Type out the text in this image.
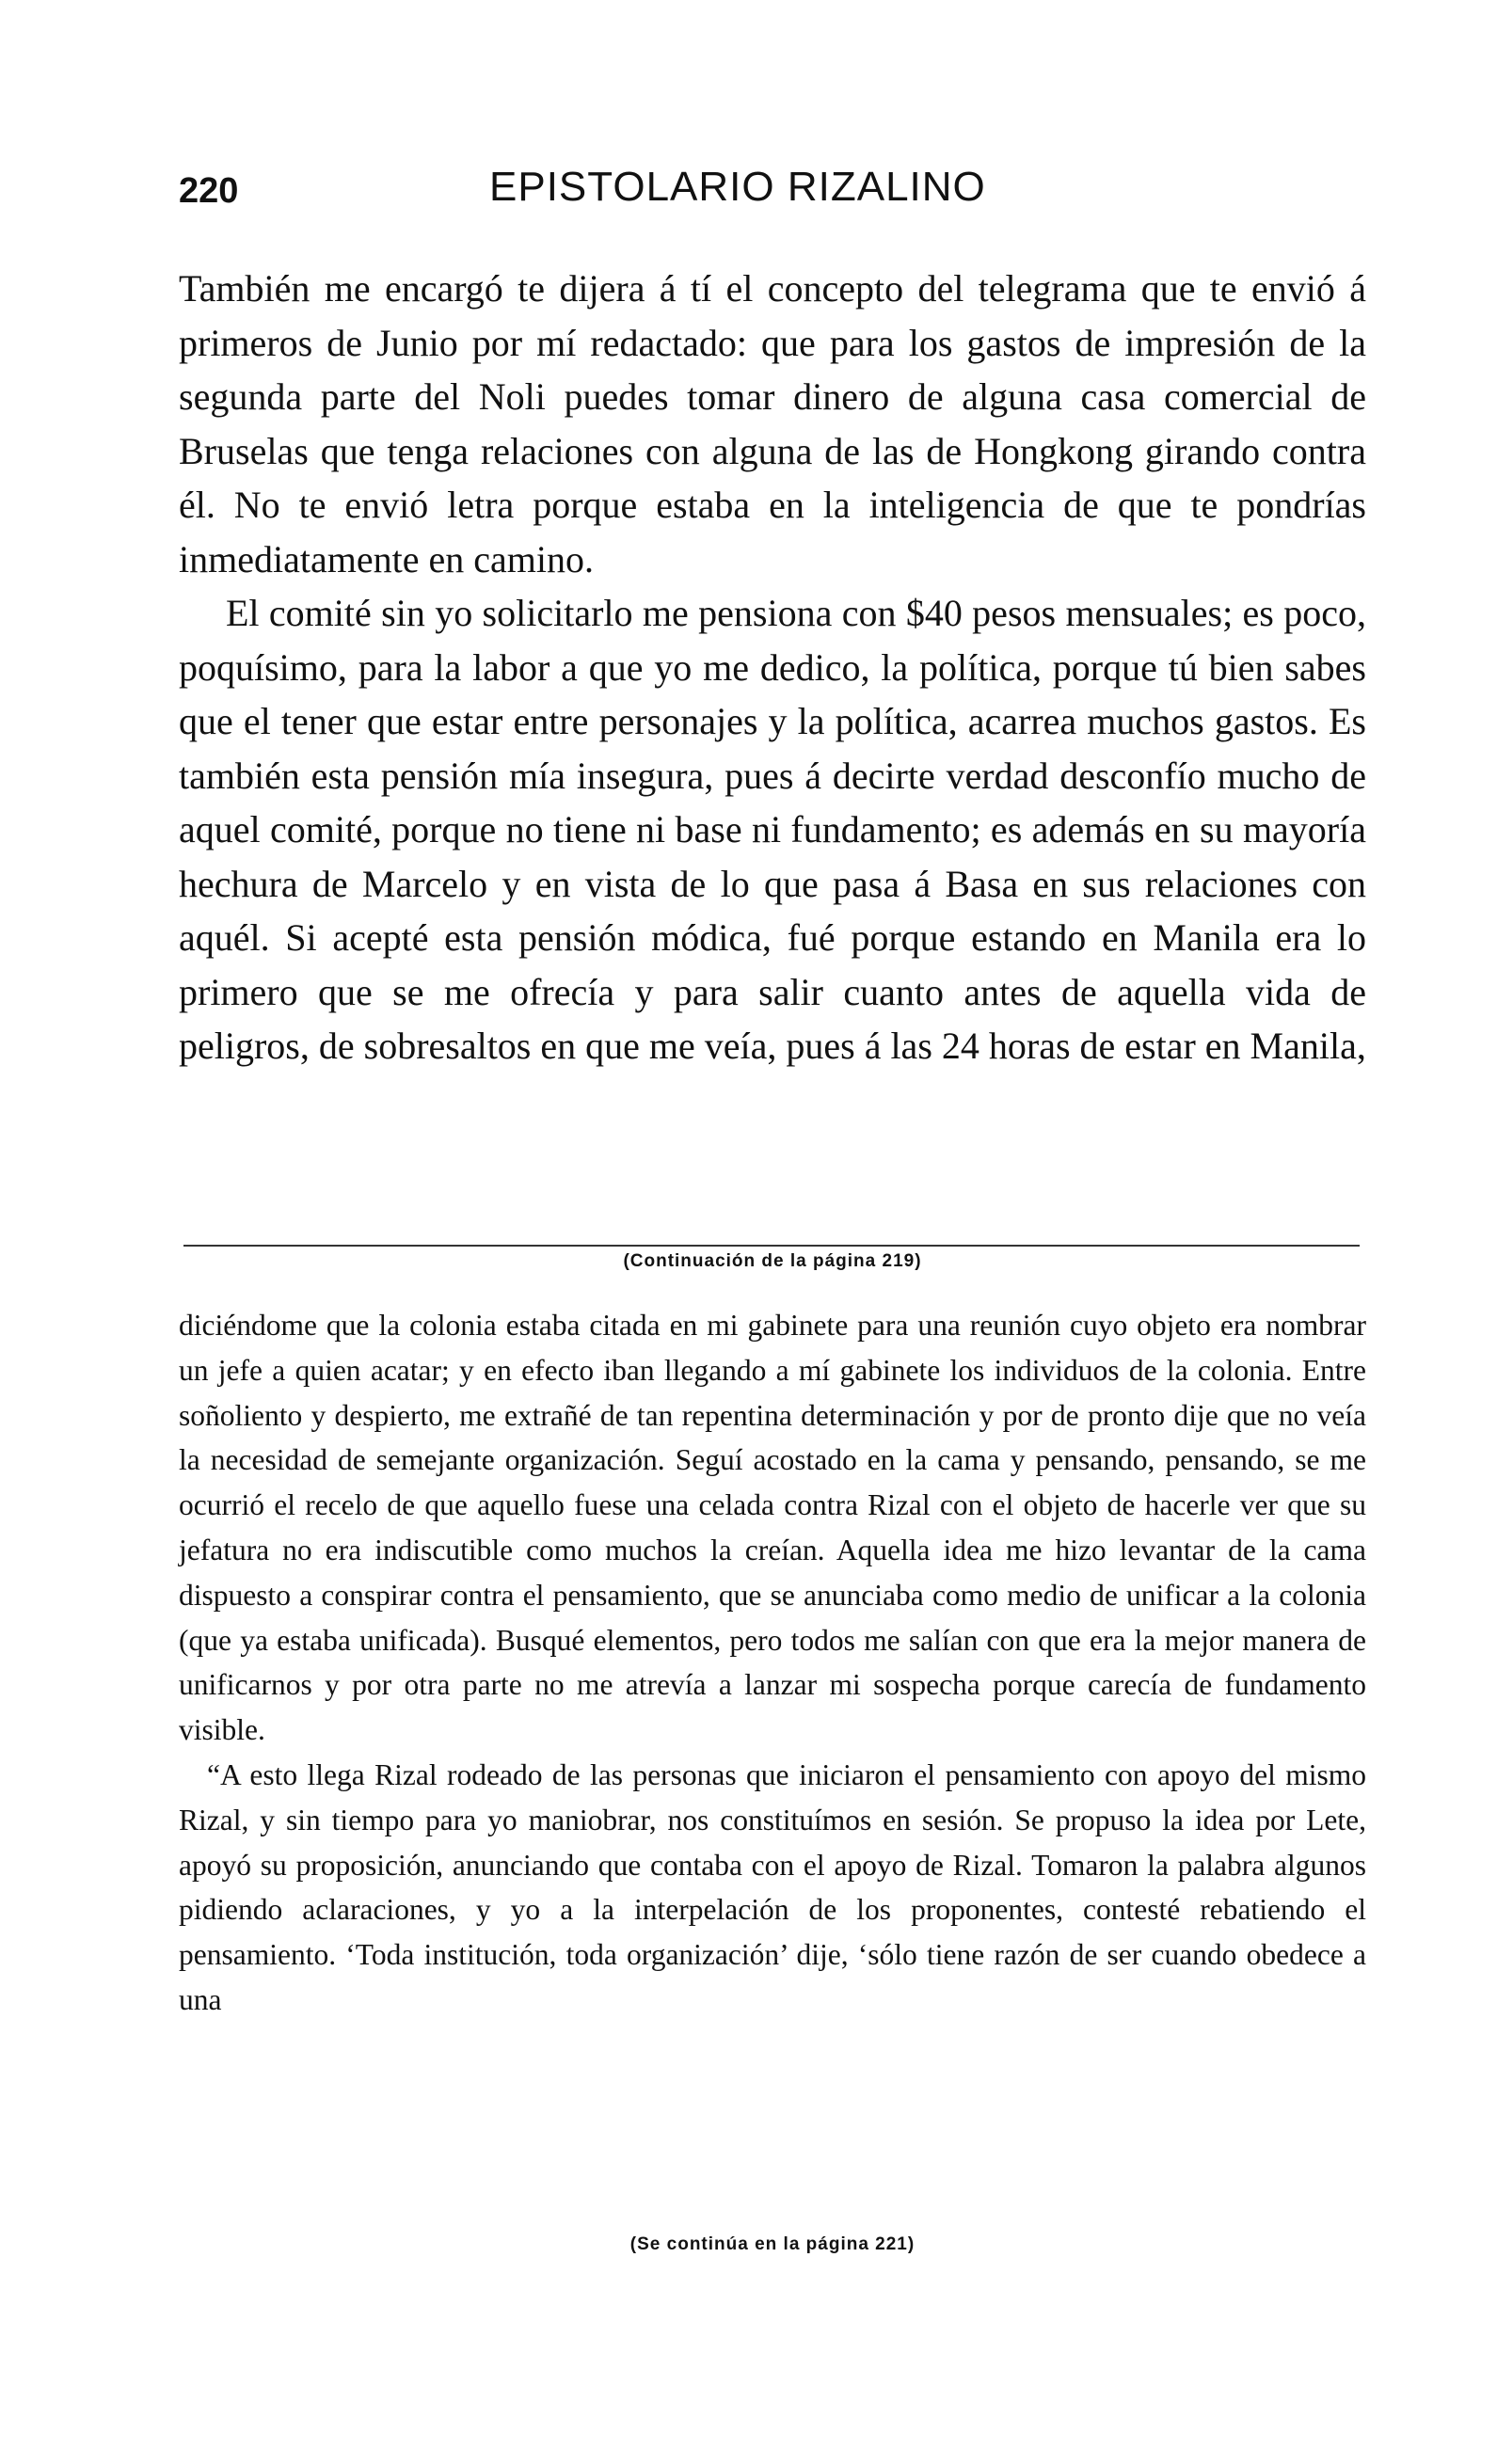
220	EPISTOLARIO RIZALINO

También me encargó te dijera á tí el concepto del telegrama que te envió á primeros de Junio por mí redactado: que para los gastos de impresión de la segunda parte del Noli puedes tomar dinero de alguna casa comercial de Bruselas que tenga relaciones con alguna de las de Hongkong girando contra él. No te envió letra porque estaba en la inteligencia de que te pondrías inmediatamente en camino.

El comité sin yo solicitarlo me pensiona con $40 pesos mensuales; es poco, poquísimo, para la labor a que yo me dedico, la política, porque tú bien sabes que el tener que estar entre personajes y la política, acarrea muchos gastos. Es también esta pensión mía insegura, pues á decirte verdad desconfío mucho de aquel comité, porque no tiene ni base ni fundamento; es además en su mayoría hechura de Marcelo y en vista de lo que pasa á Basa en sus relaciones con aquél. Si acepté esta pensión módica, fué porque estando en Manila era lo primero que se me ofrecía y para salir cuanto antes de aquella vida de peligros, de sobresaltos en que me veía, pues á las 24 horas de estar en Manila,

(Continuación de la página 219)

diciéndome que la colonia estaba citada en mi gabinete para una reunión cuyo objeto era nombrar un jefe a quien acatar; y en efecto iban llegando a mí gabinete los individuos de la colonia. Entre soñoliento y despierto, me extrañé de tan repentina determinación y por de pronto dije que no veía la necesidad de semejante organización. Seguí acostado en la cama y pensando, pensando, se me ocurrió el recelo de que aquello fuese una celada contra Rizal con el objeto de hacerle ver que su jefatura no era indiscutible como muchos la creían. Aquella idea me hizo levantar de la cama dispuesto a conspirar contra el pensamiento, que se anunciaba como medio de unificar a la colonia (que ya estaba unificada). Busqué elementos, pero todos me salían con que era la mejor manera de unificarnos y por otra parte no me atrevía a lanzar mi sospecha porque carecía de fundamento visible.

“A esto llega Rizal rodeado de las personas que iniciaron el pensamiento con apoyo del mismo Rizal, y sin tiempo para yo maniobrar, nos constituímos en sesión. Se propuso la idea por Lete, apoyó su proposición, anunciando que contaba con el apoyo de Rizal. Tomaron la palabra algunos pidiendo aclaraciones, y yo a la interpelación de los proponentes, contesté rebatiendo el pensamiento. ‘Toda institución, toda organización’ dije, ‘sólo tiene razón de ser cuando obedece a una

(Se continúa en la página 221)
